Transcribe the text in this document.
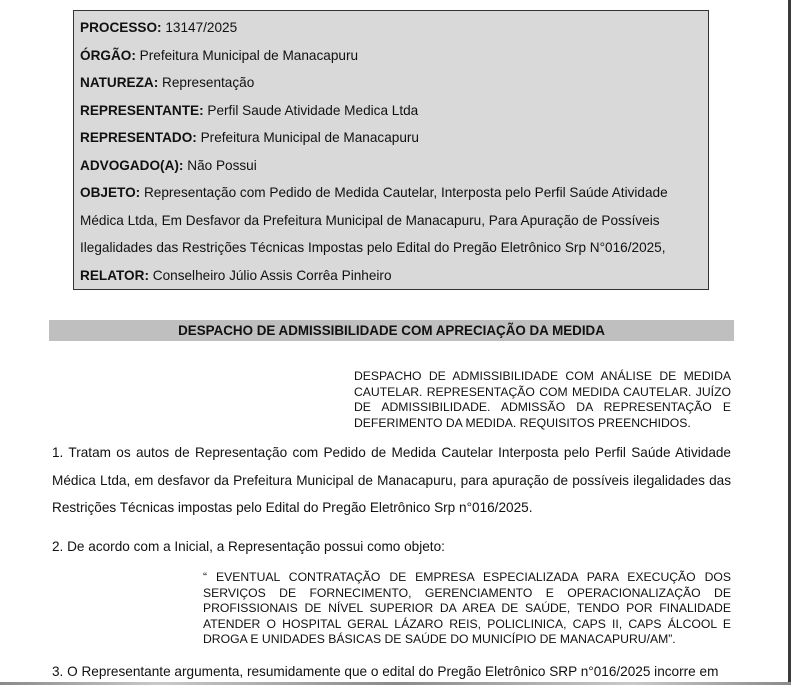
PROCESSO: 13147/2025
ÓRGÃO: Prefeitura Municipal de Manacapuru
NATUREZA: Representação
REPRESENTANTE: Perfil Saude Atividade Medica Ltda
REPRESENTADO: Prefeitura Municipal de Manacapuru
ADVOGADO(A): Não Possui
OBJETO: Representação com Pedido de Medida Cautelar, Interposta pelo Perfil Saúde Atividade Médica Ltda, Em Desfavor da Prefeitura Municipal de Manacapuru, Para Apuração de Possíveis Ilegalidades das Restrições Técnicas Impostas pelo Edital do Pregão Eletrônico Srp N°016/2025,
RELATOR: Conselheiro Júlio Assis Corrêa Pinheiro
DESPACHO DE ADMISSIBILIDADE COM APRECIAÇÃO DA MEDIDA
DESPACHO DE ADMISSIBILIDADE COM ANÁLISE DE MEDIDA CAUTELAR. REPRESENTAÇÃO COM MEDIDA CAUTELAR. JUÍZO DE ADMISSIBILIDADE. ADMISSÃO DA REPRESENTAÇÃO E DEFERIMENTO DA MEDIDA. REQUISITOS PREENCHIDOS.
1. Tratam os autos de Representação com Pedido de Medida Cautelar Interposta pelo Perfil Saúde Atividade Médica Ltda, em desfavor da Prefeitura Municipal de Manacapuru, para apuração de possíveis ilegalidades das Restrições Técnicas impostas pelo Edital do Pregão Eletrônico Srp n°016/2025.
2. De acordo com a Inicial, a Representação possui como objeto:
“ EVENTUAL CONTRATAÇÃO DE EMPRESA ESPECIALIZADA PARA EXECUÇÃO DOS SERVIÇOS DE FORNECIMENTO, GERENCIAMENTO E OPERACIONALIZAÇÃO DE PROFISSIONAIS DE NÍVEL SUPERIOR DA AREA DE SAÚDE, TENDO POR FINALIDADE ATENDER O HOSPITAL GERAL LÁZARO REIS, POLICLINICA, CAPS II, CAPS ÁLCOOL E DROGA E UNIDADES BÁSICAS DE SAÚDE DO MUNICÍPIO DE MANACAPURU/AM”.
3. O Representante argumenta, resumidamente que o edital do Pregão Eletrônico SRP n°016/2025 incorre em
